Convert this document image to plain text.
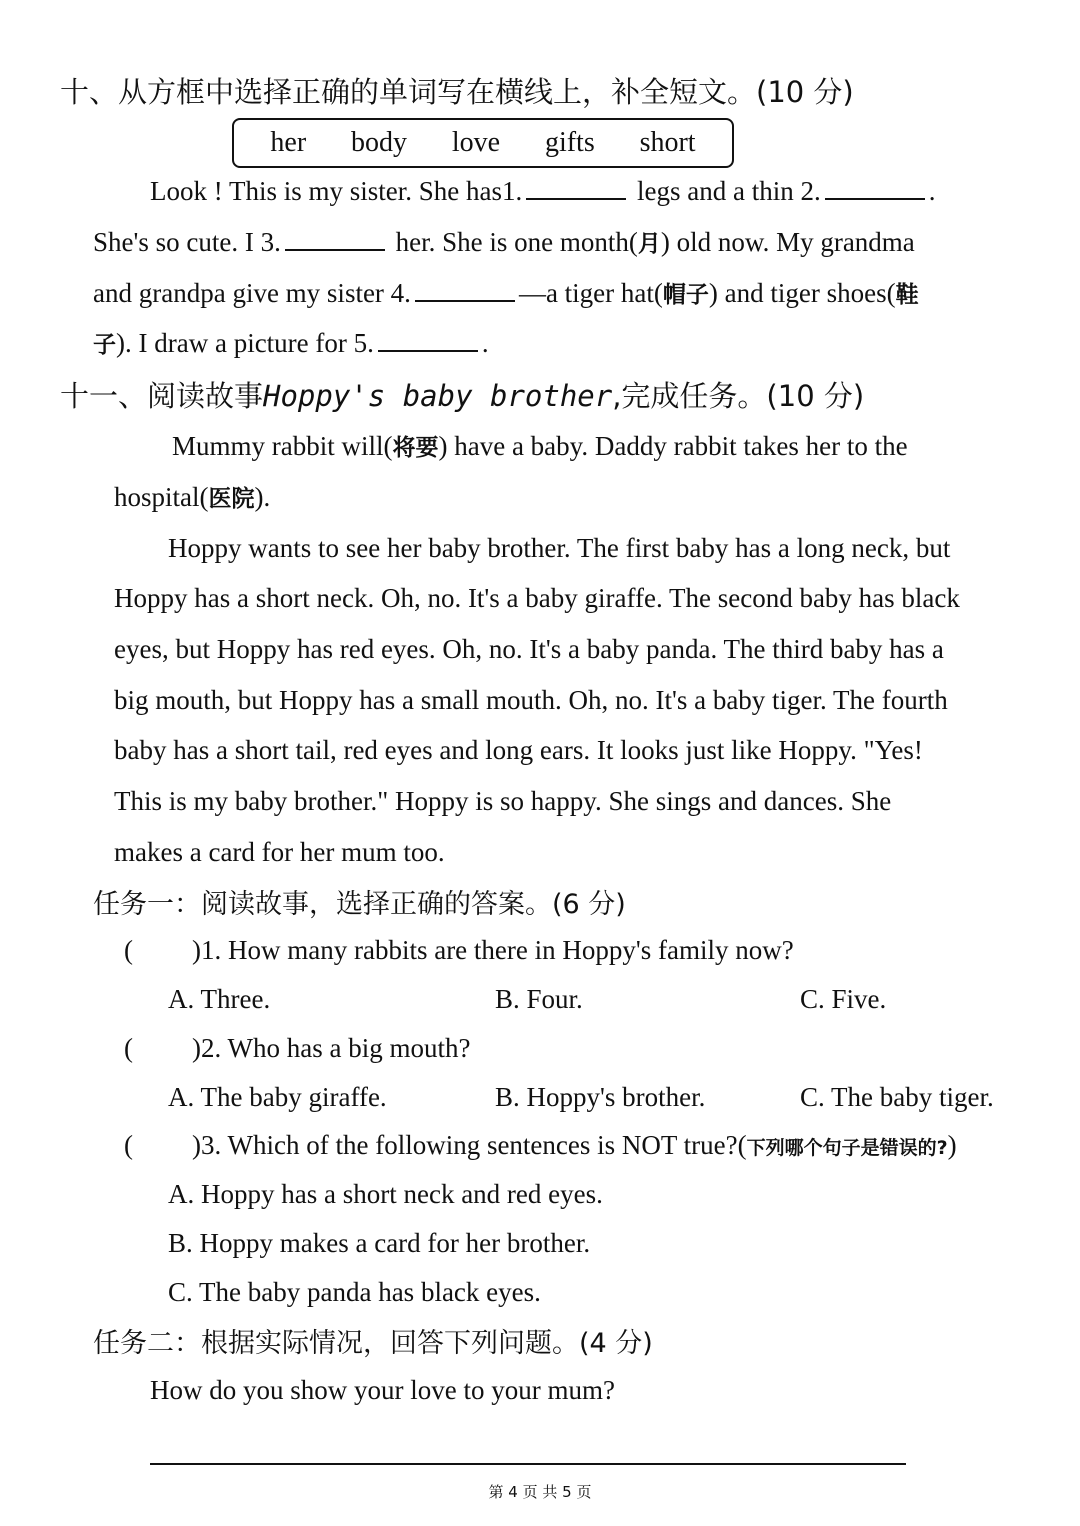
十、从方框中选择正确的单词写在横线上，补全短文。(10 分)
her body love gifts short
Look ! This is my sister. She has1.	legs and a thin 2.	.
She's so cute. I 3.	her. She is one month(月) old now. My grandma
and grandpa give my sister 4.	—a tiger hat(帽子) and tiger shoes(鞋
子). I draw a picture for 5.	.
十一、阅读故事Hoppy's baby brother,完成任务。(10 分)
Mummy rabbit will(将要) have a baby. Daddy rabbit takes her to the
hospital(医院).
Hoppy wants to see her baby brother. The first baby has a long neck, but
Hoppy has a short neck. Oh, no. It's a baby giraffe. The second baby has black
eyes, but Hoppy has red eyes. Oh, no. It's a baby panda. The third baby has a
big mouth, but Hoppy has a small mouth. Oh, no. It's a baby tiger. The fourth
baby has a short tail, red eyes and long ears. It looks just like Hoppy. "Yes!
This is my baby brother." Hoppy is so happy. She sings and dances. She
makes a card for her mum too.
任务一：阅读故事，选择正确的答案。(6 分)
( )1. How many rabbits are there in Hoppy's family now?
A. Three.	B. Four.	C. Five.
( )2. Who has a big mouth?
A. The baby giraffe.	B. Hoppy's brother.	C. The baby tiger.
( )3. Which of the following sentences is NOT true?(下列哪个句子是错误的?)
A. Hoppy has a short neck and red eyes.
B. Hoppy makes a card for her brother.
C. The baby panda has black eyes.
任务二：根据实际情况，回答下列问题。(4 分)
How do you show your love to your mum?
第 4 页 共 5 页
